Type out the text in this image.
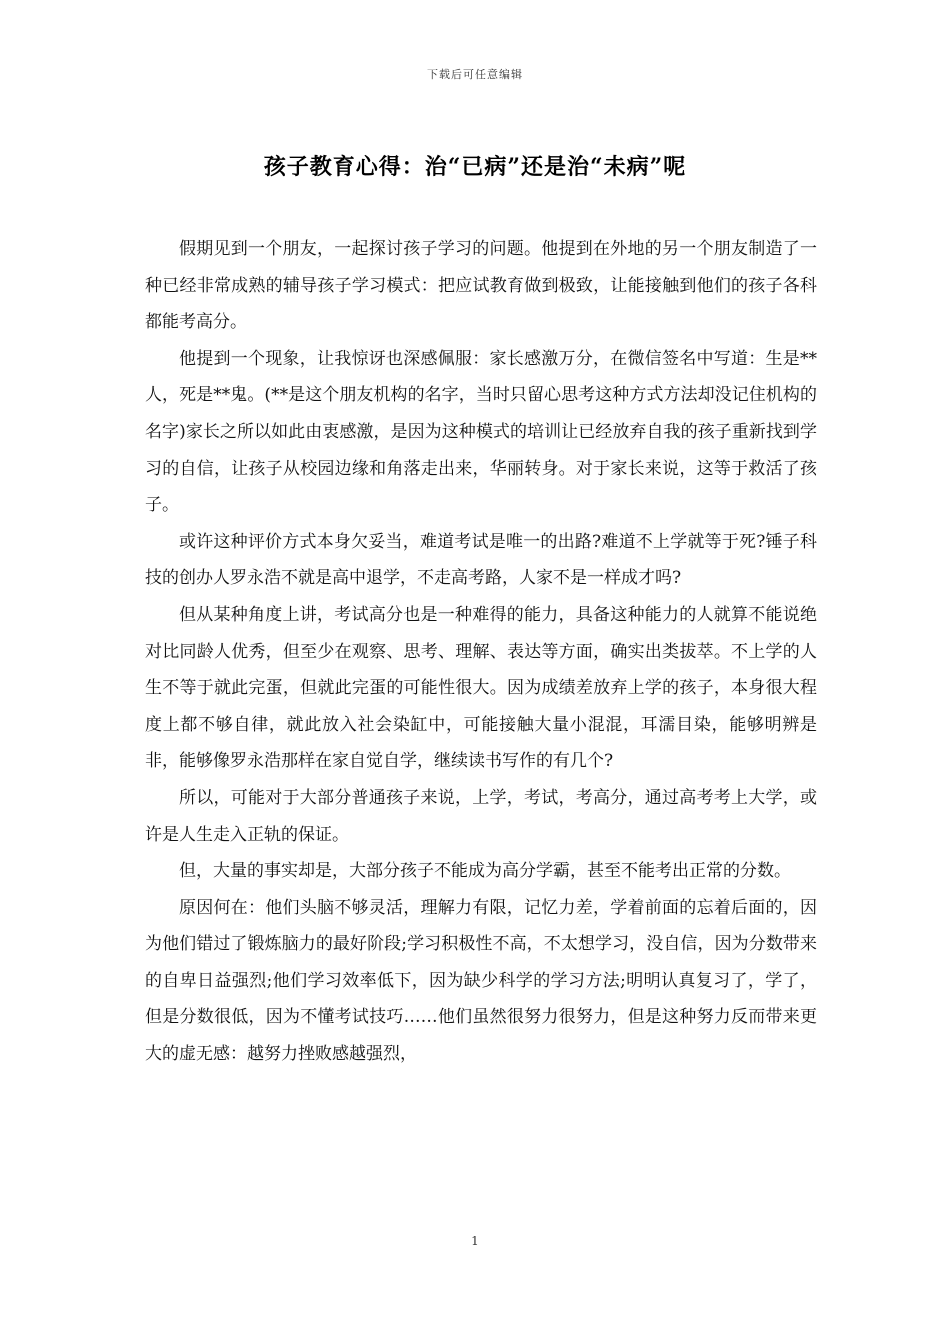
下载后可任意编辑
孩子教育心得：治“已病”还是治“未病”呢

假期见到一个朋友，一起探讨孩子学习的问题。他提到在外地的另一个朋友制造了一种已经非常成熟的辅导孩子学习模式：把应试教育做到极致，让能接触到他们的孩子各科都能考高分。

他提到一个现象，让我惊讶也深感佩服：家长感激万分，在微信签名中写道：生是**人，死是**鬼。(**是这个朋友机构的名字，当时只留心思考这种方式方法却没记住机构的名字)家长之所以如此由衷感激，是因为这种模式的培训让已经放弃自我的孩子重新找到学习的自信，让孩子从校园边缘和角落走出来，华丽转身。对于家长来说，这等于救活了孩子。

或许这种评价方式本身欠妥当，难道考试是唯一的出路?难道不上学就等于死?锤子科技的创办人罗永浩不就是高中退学，不走高考路，人家不是一样成才吗?

但从某种角度上讲，考试高分也是一种难得的能力，具备这种能力的人就算不能说绝对比同龄人优秀，但至少在观察、思考、理解、表达等方面，确实出类拔萃。不上学的人生不等于就此完蛋，但就此完蛋的可能性很大。因为成绩差放弃上学的孩子，本身很大程度上都不够自律，就此放入社会染缸中，可能接触大量小混混，耳濡目染，能够明辨是非，能够像罗永浩那样在家自觉自学，继续读书写作的有几个?

所以，可能对于大部分普通孩子来说，上学，考试，考高分，通过高考考上大学，或许是人生走入正轨的保证。

但，大量的事实却是，大部分孩子不能成为高分学霸，甚至不能考出正常的分数。

原因何在：他们头脑不够灵活，理解力有限，记忆力差，学着前面的忘着后面的，因为他们错过了锻炼脑力的最好阶段;学习积极性不高，不太想学习，没自信，因为分数带来的自卑日益强烈;他们学习效率低下，因为缺少科学的学习方法;明明认真复习了，学了，但是分数很低，因为不懂考试技巧……他们虽然很努力很努力，但是这种努力反而带来更大的虚无感：越努力挫败感越强烈，

1
